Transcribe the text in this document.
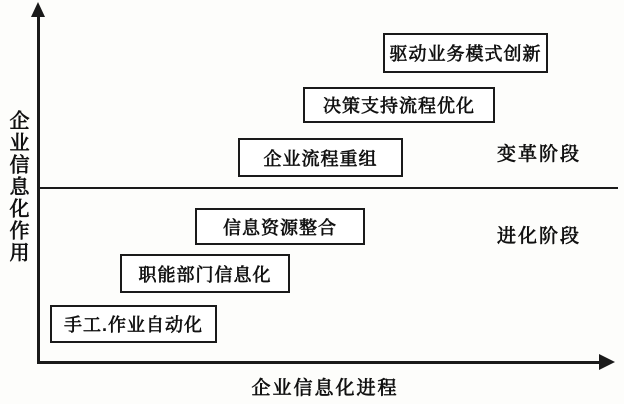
企业信息化作用
企业信息化进程
变革阶段
进化阶段
手工.作业自动化
职能部门信息化
信息资源整合
企业流程重组
决策支持流程优化
驱动业务模式创新
